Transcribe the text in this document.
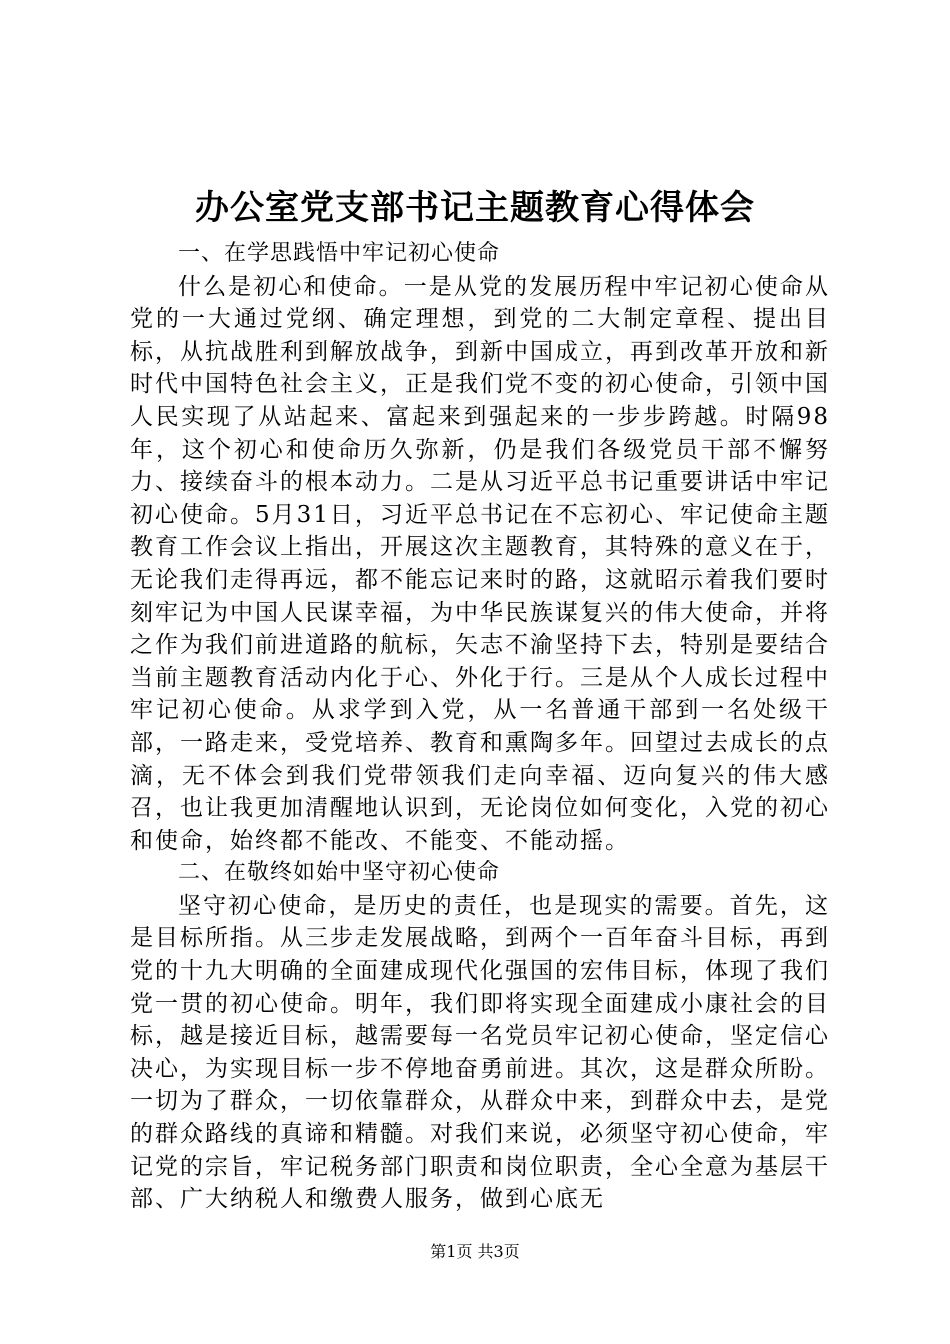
办公室党支部书记主题教育心得体会

一、在学思践悟中牢记初心使命

什么是初心和使命。一是从党的发展历程中牢记初心使命从党的一大通过党纲、确定理想，到党的二大制定章程、提出目标，从抗战胜利到解放战争，到新中国成立，再到改革开放和新时代中国特色社会主义，正是我们党不变的初心使命，引领中国人民实现了从站起来、富起来到强起来的一步步跨越。时隔98年，这个初心和使命历久弥新，仍是我们各级党员干部不懈努力、接续奋斗的根本动力。二是从习近平总书记重要讲话中牢记初心使命。5月31日，习近平总书记在不忘初心、牢记使命主题教育工作会议上指出，开展这次主题教育，其特殊的意义在于，无论我们走得再远，都不能忘记来时的路，这就昭示着我们要时刻牢记为中国人民谋幸福，为中华民族谋复兴的伟大使命，并将之作为我们前进道路的航标，矢志不渝坚持下去，特别是要结合当前主题教育活动内化于心、外化于行。三是从个人成长过程中牢记初心使命。从求学到入党，从一名普通干部到一名处级干部，一路走来，受党培养、教育和熏陶多年。回望过去成长的点滴，无不体会到我们党带领我们走向幸福、迈向复兴的伟大感召，也让我更加清醒地认识到，无论岗位如何变化，入党的初心和使命，始终都不能改、不能变、不能动摇。

二、在敬终如始中坚守初心使命

坚守初心使命，是历史的责任，也是现实的需要。首先，这是目标所指。从三步走发展战略，到两个一百年奋斗目标，再到党的十九大明确的全面建成现代化强国的宏伟目标，体现了我们党一贯的初心使命。明年，我们即将实现全面建成小康社会的目标，越是接近目标，越需要每一名党员牢记初心使命，坚定信心决心，为实现目标一步不停地奋勇前进。其次，这是群众所盼。一切为了群众，一切依靠群众，从群众中来，到群众中去，是党的群众路线的真谛和精髓。对我们来说，必须坚守初心使命，牢记党的宗旨，牢记税务部门职责和岗位职责，全心全意为基层干部、广大纳税人和缴费人服务，做到心底无

第1页 共3页
